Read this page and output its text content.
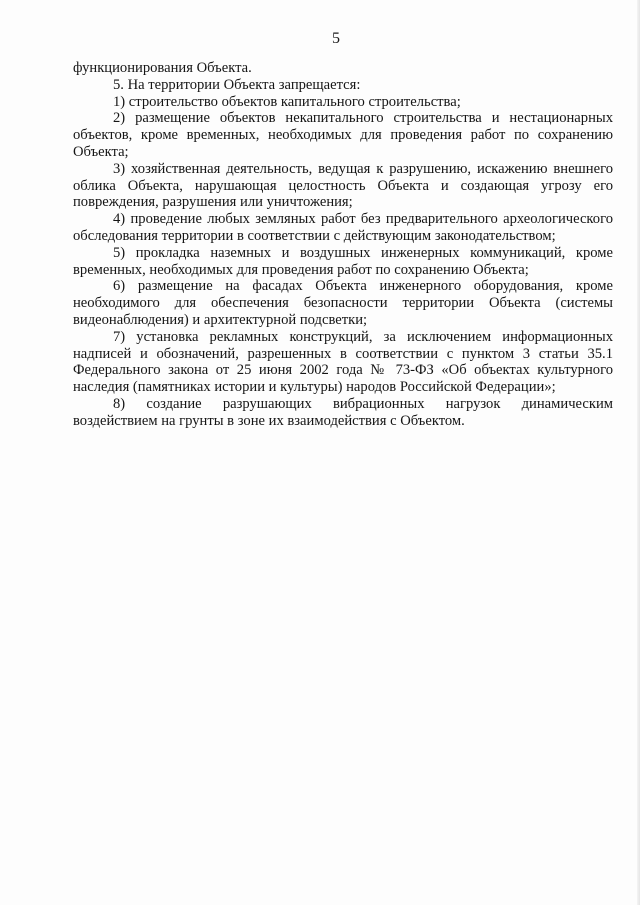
5

функционирования Объекта.

5. На территории Объекта запрещается:

1) строительство объектов капитального строительства;

2) размещение объектов некапитального строительства и нестационарных объектов, кроме временных, необходимых для проведения работ по сохранению Объекта;

3) хозяйственная деятельность, ведущая к разрушению, искажению внешнего облика Объекта, нарушающая целостность Объекта и создающая угрозу его повреждения, разрушения или уничтожения;

4) проведение любых земляных работ без предварительного археологического обследования территории в соответствии с действующим законодательством;

5) прокладка наземных и воздушных инженерных коммуникаций, кроме временных, необходимых для проведения работ по сохранению Объекта;

6) размещение на фасадах Объекта инженерного оборудования, кроме необходимого для обеспечения безопасности территории Объекта (системы видеонаблюдения) и архитектурной подсветки;

7) установка рекламных конструкций, за исключением информационных надписей и обозначений, разрешенных в соответствии с пунктом 3 статьи 35.1 Федерального закона от 25 июня 2002 года № 73-ФЗ «Об объектах культурного наследия (памятниках истории и культуры) народов Российской Федерации»;

8) создание разрушающих вибрационных нагрузок динамическим воздействием на грунты в зоне их взаимодействия с Объектом.
